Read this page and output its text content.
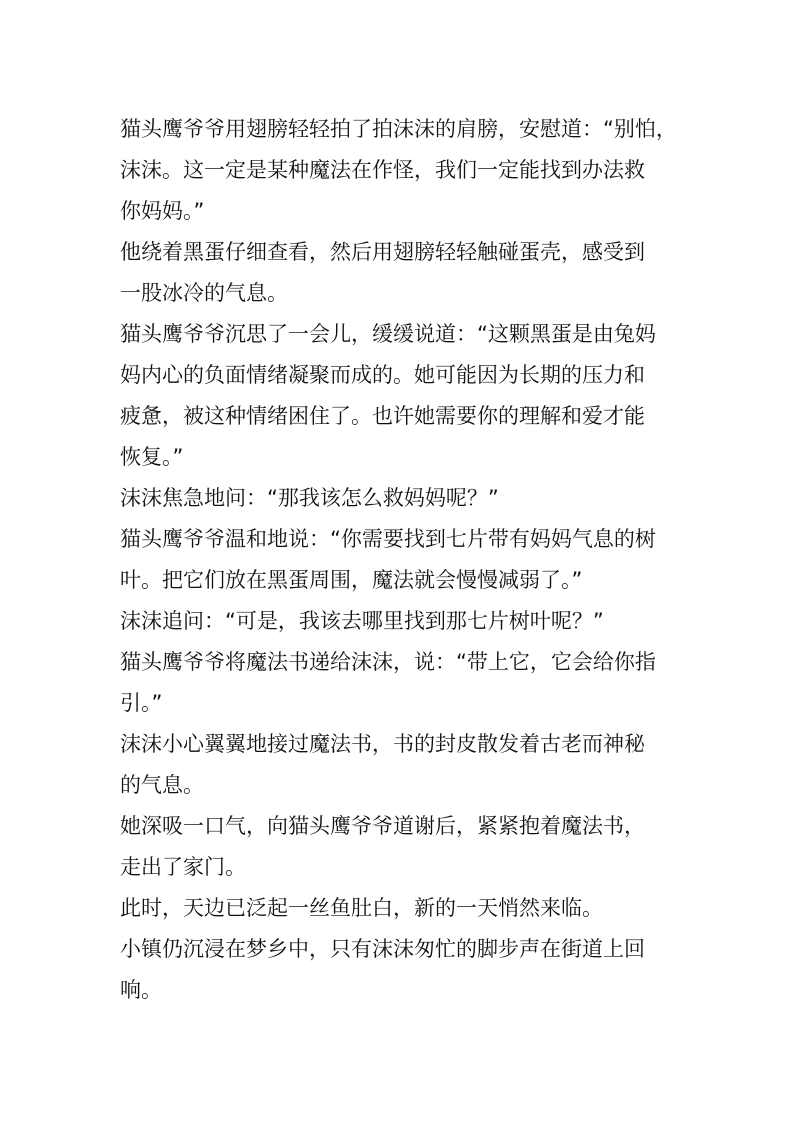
猫头鹰爷爷用翅膀轻轻拍了拍沫沫的肩膀，安慰道：“别怕，

沫沫。这一定是某种魔法在作怪，我们一定能找到办法救

你妈妈。”

他绕着黑蛋仔细查看，然后用翅膀轻轻触碰蛋壳，感受到

一股冰冷的气息。

猫头鹰爷爷沉思了一会儿，缓缓说道：“这颗黑蛋是由兔妈

妈内心的负面情绪凝聚而成的。她可能因为长期的压力和

疲惫，被这种情绪困住了。也许她需要你的理解和爱才能

恢复。”

沫沫焦急地问：“那我该怎么救妈妈呢？”

猫头鹰爷爷温和地说：“你需要找到七片带有妈妈气息的树

叶。把它们放在黑蛋周围，魔法就会慢慢减弱了。”

沫沫追问：“可是，我该去哪里找到那七片树叶呢？”

猫头鹰爷爷将魔法书递给沫沫，说：“带上它，它会给你指

引。”

沫沫小心翼翼地接过魔法书，书的封皮散发着古老而神秘

的气息。

她深吸一口气，向猫头鹰爷爷道谢后，紧紧抱着魔法书，

走出了家门。

此时，天边已泛起一丝鱼肚白，新的一天悄然来临。

小镇仍沉浸在梦乡中，只有沫沫匆忙的脚步声在街道上回

响。
